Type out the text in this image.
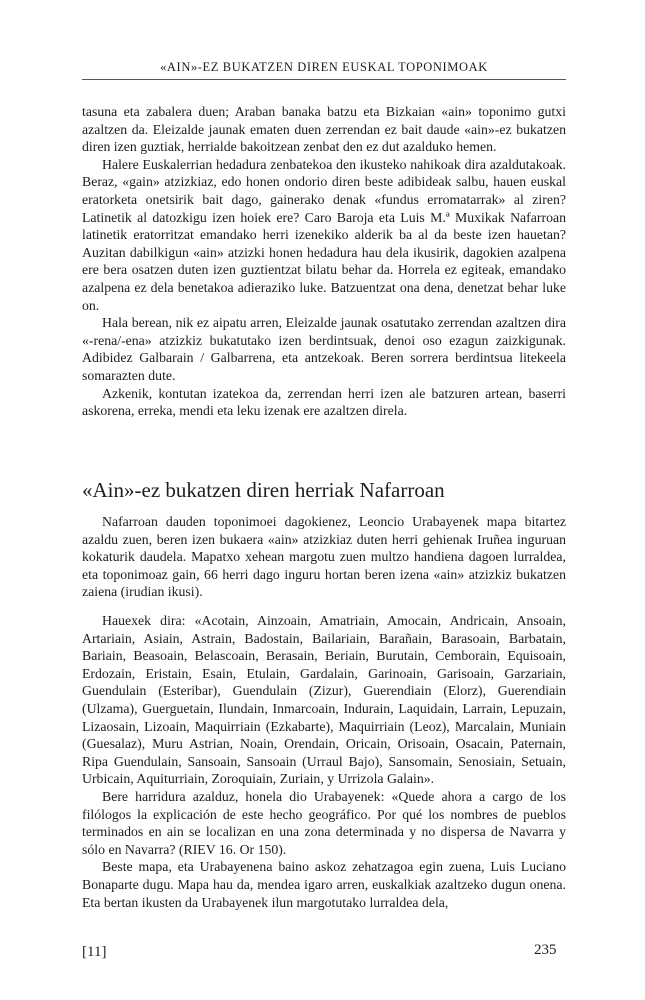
«AIN»-EZ BUKATZEN DIREN EUSKAL TOPONIMOAK

tasuna eta zabalera duen; Araban banaka batzu eta Bizkaian «ain» toponimo gutxi azaltzen da. Eleizalde jaunak ematen duen zerrendan ez bait daude «ain»-ez bukatzen diren izen guztiak, herrialde bakoitzean zenbat den ez dut azalduko hemen.

Halere Euskalerrian hedadura zenbatekoa den ikusteko nahikoak dira azaldutakoak. Beraz, «gain» atzizkiaz, edo honen ondorio diren beste adibideak salbu, hauen euskal eratorketa onetsirik bait dago, gainerako denak «fundus erromatarrak» al ziren? Latinetik al datozkigu izen hoiek ere? Caro Baroja eta Luis M.ª Muxikak Nafarroan latinetik eratorritzat emandako herri izenekiko alderik ba al da beste izen hauetan? Auzitan dabilkigun «ain» atzizki honen hedadura hau dela ikusirik, dagokien azalpena ere bera osatzen duten izen guztientzat bilatu behar da. Horrela ez egiteak, emandako azalpena ez dela benetakoa adieraziko luke. Batzuentzat ona dena, denetzat behar luke on.

Hala berean, nik ez aipatu arren, Eleizalde jaunak osatutako zerrendan azaltzen dira «-rena/-ena» atzizkiz bukatutako izen berdintsuak, denoi oso ezagun zaizkigunak. Adibidez Galbarain / Galbarrena, eta antzekoak. Beren sorrera berdintsua litekeela somarazten dute.

Azkenik, kontutan izatekoa da, zerrendan herri izen ale batzuren artean, baserri askorena, erreka, mendi eta leku izenak ere azaltzen direla.

«Ain»-ez bukatzen diren herriak Nafarroan

Nafarroan dauden toponimoei dagokienez, Leoncio Urabayenek mapa bitartez azaldu zuen, beren izen bukaera «ain» atzizkiaz duten herri gehienak Iruñea inguruan kokaturik daudela. Mapatxo xehean margotu zuen multzo handiena dagoen lurraldea, eta toponimoaz gain, 66 herri dago inguru hortan beren izena «ain» atzizkiz bukatzen zaiena (irudian ikusi).

Hauexek dira: «Acotain, Ainzoain, Amatriain, Amocain, Andricain, Ansoain, Artariain, Asiain, Astrain, Badostain, Bailariain, Barañain, Barasoain, Barbatain, Bariain, Beasoain, Belascoain, Berasain, Beriain, Burutain, Cemborain, Equisoain, Erdozain, Eristain, Esain, Etulain, Gardalain, Garinoain, Garisoain, Garzariain, Guendulain (Esteribar), Guendulain (Zizur), Guerendiain (Elorz), Guerendiain (Ulzama), Guerguetain, Ilundain, Inmarcoain, Indurain, Laquidain, Larrain, Lepuzain, Lizaosain, Lizoain, Maquirriain (Ezkabarte), Maquirriain (Leoz), Marcalain, Muniain (Guesalaz), Muru Astrian, Noain, Orendain, Oricain, Orisoain, Osacain, Paternain, Ripa Guendulain, Sansoain, Sansoain (Urraul Bajo), Sansomain, Senosiain, Setuain, Urbicain, Aquiturriain, Zoroquiain, Zuriain, y Urrizola Galain».

Bere harridura azalduz, honela dio Urabayenek: «Quede ahora a cargo de los filólogos la explicación de este hecho geográfico. Por qué los nombres de pueblos terminados en ain se localizan en una zona determinada y no dispersa de Navarra y sólo en Navarra? (RIEV 16. Or 150).

Beste mapa, eta Urabayenena baino askoz zehatzagoa egin zuena, Luis Luciano Bonaparte dugu. Mapa hau da, mendea igaro arren, euskalkiak azaltzeko dugun onena. Eta bertan ikusten da Urabayenek ilun margotutako lurraldea dela,

[11]	235
